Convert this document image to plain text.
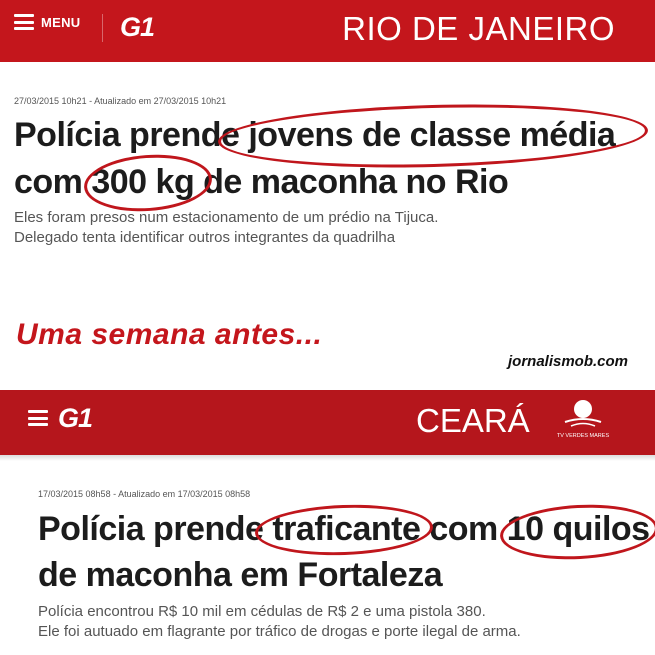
MENU G1	RIO DE JANEIRO
27/03/2015 10h21 - Atualizado em 27/03/2015 10h21
Polícia prende jovens de classe média
com 300 kg de maconha no Rio
Eles foram presos num estacionamento de um prédio na Tijuca.
Delegado tenta identificar outros integrantes da quadrilha
Uma semana antes...
jornalismob.com
G1	CEARÁ	TV VERDES MARES
17/03/2015 08h58 - Atualizado em 17/03/2015 08h58
Polícia prende traficante com 10 quilos
de maconha em Fortaleza
Polícia encontrou R$ 10 mil em cédulas de R$ 2 e uma pistola 380.
Ele foi autuado em flagrante por tráfico de drogas e porte ilegal de arma.
